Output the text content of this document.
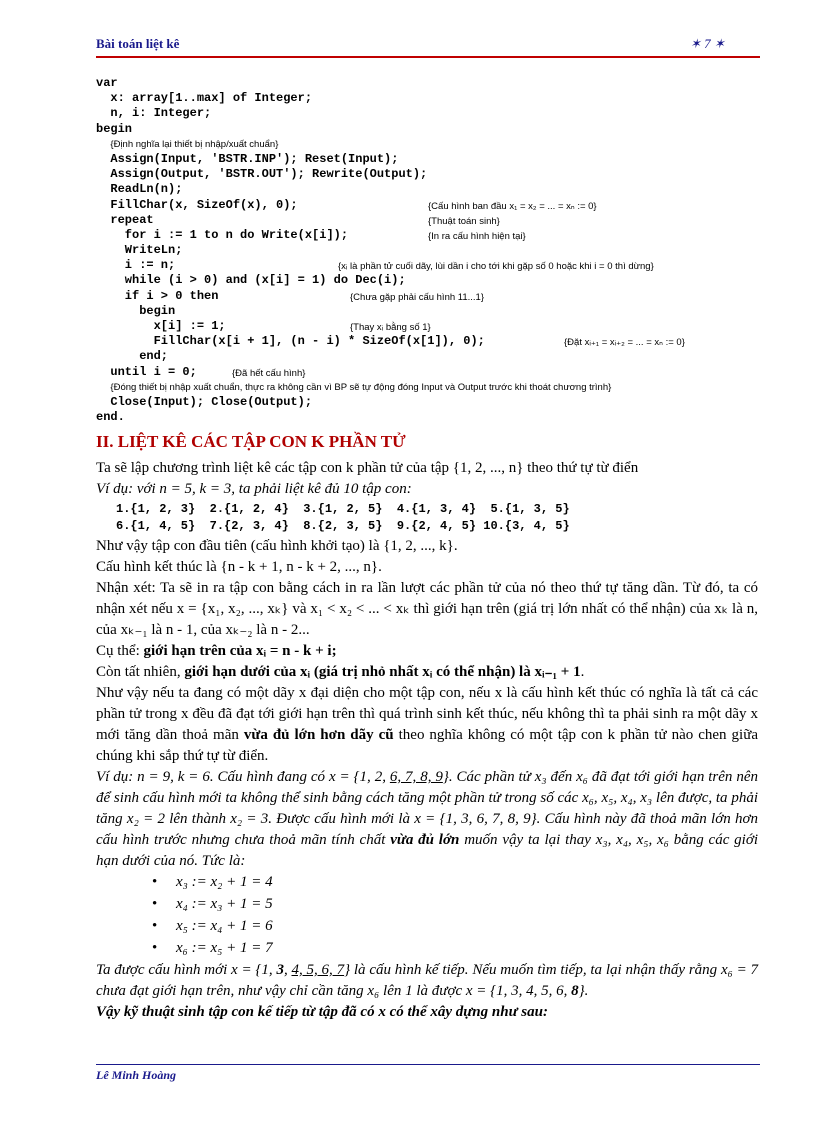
Bài toán liệt kê	✶ 7 ✶
var
x: array[1..max] of Integer;
n, i: Integer;
begin
{Định nghĩa lại thiết bị nhập/xuất chuẩn}
Assign(Input, 'BSTR.INP'); Reset(Input);
Assign(Output, 'BSTR.OUT'); Rewrite(Output);
ReadLn(n);
FillChar(x, SizeOf(x), 0);	{Cấu hình ban đầu x₁ = x₂ = ... = xₙ := 0}
repeat	{Thuật toán sinh}
for i := 1 to n do Write(x[i]);	{In ra cấu hình hiện tại}
WriteLn;
i := n;	{xᵢ là phần tử cuối dãy, lùi dần i cho tới khi gặp số 0 hoặc khi i = 0 thì dừng}
while (i > 0) and (x[i] = 1) do Dec(i);
if i > 0 then	{Chưa gặp phải cấu hình 11...1}
begin
x[i] := 1;	{Thay xᵢ bằng số 1}
FillChar(x[i + 1], (n - i) * SizeOf(x[1]), 0);	{Đặt xᵢ₊₁ = xᵢ₊₂ = ... = xₙ := 0}
end;
until i = 0;	{Đã hết cấu hình}
{Đóng thiết bị nhập xuất chuẩn, thực ra không cần vì BP sẽ tự động đóng Input và Output trước khi thoát chương trình}
Close(Input); Close(Output);
end.
II. LIỆT KÊ CÁC TẬP CON K PHẦN TỬ

Ta sẽ lập chương trình liệt kê các tập con k phần tử của tập {1, 2, ..., n} theo thứ tự từ điển

Ví dụ: với n = 5, k = 3, ta phải liệt kê đủ 10 tập con:

1.{1, 2, 3}  2.{1, 2, 4}  3.{1, 2, 5}  4.{1, 3, 4}  5.{1, 3, 5}
6.{1, 4, 5}  7.{2, 3, 4}  8.{2, 3, 5}  9.{2, 4, 5} 10.{3, 4, 5}

Như vậy tập con đầu tiên (cấu hình khởi tạo) là {1, 2, ..., k}.

Cấu hình kết thúc là {n - k + 1, n - k + 2, ..., n}.

Nhận xét: Ta sẽ in ra tập con bằng cách in ra lần lượt các phần tử của nó theo thứ tự tăng dần. Từ đó, ta có nhận xét nếu x = {x₁, x₂, ..., xₖ} và x₁ < x₂ < ... < xₖ thì giới hạn trên (giá trị lớn nhất có thể nhận) của xₖ là n, của xₖ₋₁ là n - 1, của xₖ₋₂ là n - 2...

Cụ thể: giới hạn trên của xᵢ = n - k + i;

Còn tất nhiên, giới hạn dưới của xᵢ (giá trị nhỏ nhất xᵢ có thể nhận) là xᵢ₋₁ + 1.

Như vậy nếu ta đang có một dãy x đại diện cho một tập con, nếu x là cấu hình kết thúc có nghĩa là tất cả các phần tử trong x đều đã đạt tới giới hạn trên thì quá trình sinh kết thúc, nếu không thì ta phải sinh ra một dãy x mới tăng dần thoả mãn vừa đủ lớn hơn dãy cũ theo nghĩa không có một tập con k phần tử nào chen giữa chúng khi sắp thứ tự từ điển.

Ví dụ: n = 9, k = 6. Cấu hình đang có x = {1, 2, 6, 7, 8, 9}. Các phần tử x₃ đến x₆ đã đạt tới giới hạn trên nên để sinh cấu hình mới ta không thể sinh bằng cách tăng một phần tử trong số các x₆, x₅, x₄, x₃ lên được, ta phải tăng x₂ = 2 lên thành x₂ = 3. Được cấu hình mới là x = {1, 3, 6, 7, 8, 9}. Cấu hình này đã thoả mãn lớn hơn cấu hình trước nhưng chưa thoả mãn tính chất vừa đủ lớn muốn vậy ta lại thay x₃, x₄, x₅, x₆ bằng các giới hạn dưới của nó. Tức là:

• x₃ := x₂ + 1 = 4
• x₄ := x₃ + 1 = 5
• x₅ := x₄ + 1 = 6
• x₆ := x₅ + 1 = 7

Ta được cấu hình mới x = {1, 3, 4, 5, 6, 7} là cấu hình kế tiếp. Nếu muốn tìm tiếp, ta lại nhận thấy rằng x₆ = 7 chưa đạt giới hạn trên, như vậy chỉ cần tăng x₆ lên 1 là được x = {1, 3, 4, 5, 6, 8}.

Vậy kỹ thuật sinh tập con kế tiếp từ tập đã có x có thể xây dựng như sau:

Lê Minh Hoàng
